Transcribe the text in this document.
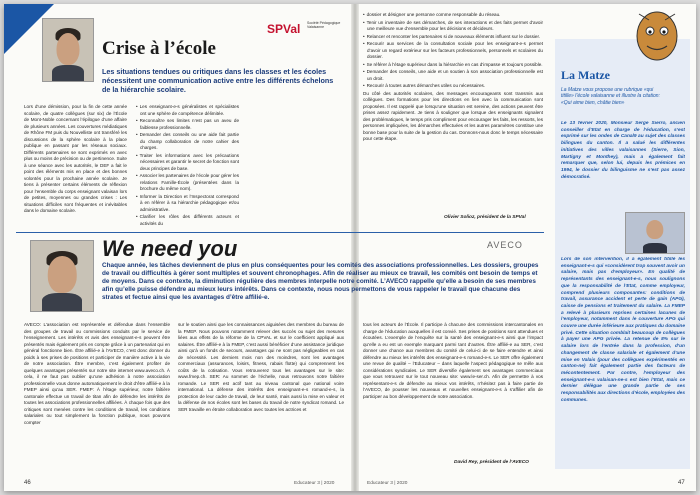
SPVal Société Pédagogique Valaisanne
Crise à l’école
Les situations tendues ou critiques dans les classes et les écoles nécessitent une communication active entre les différents échelons de la hiérarchie scolaire.

Lors d’une démission, pour la fin de cette année scolaire, de quatre collègues (sur six) de l’École de Mont-Noble concernant l’épilogue d’une affaire de plusieurs années. Les couvertures médiatiques de Rhône FM puis du Nouvelliste ont transféré les discussions de la sphère scolaire à la place publique en passant par les réseaux sociaux. Différents partenaires se sont exprimés en avec plus ou moins de précision ou de pertinence. Suite à une séance avec les autorités, le DEF a fait le point des éléments mis en place et des bonnes volontés pour la prochaine année scolaire. Je tiens à présenter certains éléments de réflexion pour l’ensemble du corps enseignant valaisan lors de petites, moyennes ou grandes crises : Les situations difficiles sont fréquentes et inévitables dans le domaine scolaire.

• Les enseignant-e-s généralistes et spécialistes ont une sphère de compétence délimitée.
• Reconnaître ses limites n’est pas un aveu de faiblesse professionnelle.
• Demander des conseils ou une aide fait partie du champ collaboration de notre cahier des charges.
• Traiter les informations avec les précautions nécessaires et garantir le secret de fonction sont deux principes de base.
• Associer les partenaires de l’école pour gérer les relations Famille-École (présentées dans la brochure du même nom).
• Informer la Direction et l’Inspectorat correspond à en référer à sa hiérarchie pédagogique et/ou administrative.
• Clarifier les rôles des différents acteurs et activités du
• dossier et désigner une personne comme responsable du réseau.
• Tenir un inventaire de ses démarches, de ses interactions et des faits permet d’avoir une meilleure vue d’ensemble pour les décisions et décideurs.
• Relancer et renconter les partenaires si de nouveaux éléments influent sur le dossier.
• Recourir aux services de la consultation sociale pour les enseignant-e-s permet d’avoir un regard extérieur sur les facteurs professionnels, personnels et scolaires du dossier.
• Se référer à l’étage supérieur dans la hiérarchie en cas d’impasse et toujours possible.
• Demander des conseils, une aide et un soutien à son association professionnelle est un droit.
• Recourir à toutes autres démarches utiles ou nécessaires.

Du côté des autorités scolaires, des messages encourageants sont transmis aux collègues. Des formations pour les directions en lien avec la communication sont proposées. Il est rappelé que lorsqu’une situation est sereine, des actions peuvent être prises assez rapidement. Je tiens à souligner que lorsque des enseignants signalent des problématiques, le temps pris compliment pour encourager les faits, les ressorts, les personnes impliquées, les démarches effectuées et les autres paramètres constitue une bonne base pour la suite de la gestion du cas. Donnons-nous donc le temps nécessaire pour cette étape.

Olivier Solioz, président de la SPVal
We need you	AVECO
Chaque année, les tâches deviennent de plus en plus conséquentes pour les comités des associations professionnelles. Les dossiers, groupes de travail ou difficultés à gérer sont multiples et souvent chronophages. Afin de réaliser au mieux ce travail, les comités ont besoin de temps et de moyens. Dans ce contexte, la diminution régulière des membres interpelle notre comité. L’AVECO rappelle qu’elle a besoin de ses membres afin qu’elle puisse défendre au mieux leurs intérêts. Dans ce contexte, nous nous permettons de vous rappeler le travail que chacune des strates et fectue ainsi que les avantages d’être affilié-e.

AVECO: L’association est représentée et défendue dans l’ensemble des groupes de travail ou commissions conduits par le service de l’enseignement. Les intérêts et avis des enseignant-e-s peuvent être présentés mais également pris en compte grâce à un partenariat qui en général fonctionne bien. Être affilié-e à l’AVECO, c’est donc donner du poids à ses prises de positions et participer de manière active à la vie de notre association. Être membre, c’est également profiter de quelques avantages présentés sur notre site internet www.aveco.ch. À cela, il ne faut pas oublier qu’une adhésion à notre association professionnelle vous donne automatiquement le droit d’être affilié-e à la FMEP ainsi qu’au SER. FMEP: À l’étage supérieur, notre faîtière cantonale effectue un travail de titan afin de défendre les intérêts de toutes les associations professionnelles affiliées. À chaque fois que des critiques sont menées contre les conditions de travail, les conditions salariales ou tout simplement la fonction publique, nous pouvons compter

sur le soutien ainsi que les connaissances aiguisées des membres du bureau de la FMEP. Nous pouvons notamment relever des succès ou sujet des mesures liées aux effets de la réforme de la CPVAL et sur le coefficient appliqué aux salaires. Être affilié-e à la FMEP, c’est aussi bénéficier d’une assistance juridique ainsi qu’à un fonds de secours, avantages qui ne sont pas négligeables en cas de nécessité. Les derniers mois non des moindres, sont les avantages commerciaux (assurances, loisirs, fitness, rabais flotte) qui comprennent les coûts de la cotisation. Vous retrouverez tous les avantages sur le site: www.fmep.ch. SER: Au sommet de l’échelle, nous retrouvons notre faîtière romande. Le SER est actif tant au niveau cantonal que national voire international. La défense des intérêts des enseignant-e-s romand-e-s, la protection de leur cadre de travail, de leur santé, mais aussi la mise en valeur et la défense de nos écoles sont les bases du travail de notre syndicat romand. Le SER travaille en étroite collaboration avec toutes les actrices et

tous les acteurs de l’École. Il participe à chacune des commissions intercantonales en charge de l’éducation auxquelles il est convié. Ses prises de positions sont attendues et écoutées. L’exemple de l’enquête sur la santé des enseignant-e-s ainsi que l’impact qu’elle a eu est un exemple marquant parmi tant d’autres. Être affilié-e au SER, c’est donner une chance aux membres du comité de celui-ci de se faire entendre et ainsi défendre au mieux les intérêts des enseignant-e-s romand-e-s. Le SER offre également une revue de qualité – l’Educateur – dans laquelle l’aspect pédagogique se mêle aux considérations syndicales. Le SER diversifie également ses avantages commerciaux que vous retrouvez sur le tout nouveau site: www.le-ser.ch. Afin de permettre à vos représentant-e-s de défendre au mieux vos intérêts, n’hésitez pas à faire partie de l’AVECO, de pousser les nouveaux et nouvelles enseignant-e-s à s’affilier afin de participer au bon développement de notre association.

David Rey, président de l’AVECO
La Matze
La Matze vous propose une rubrique «qui titille» l’école valaisanne et illustre la citation: «Qui aime bien, châtie bien»
Le 13 février 2020, Monsieur Serge Sierro, ancien conseiller d’Etat en charge de l’éducation, s’est exprimé sur les ondes de Canal9 au sujet des classes bilingues du canton. Il a salué les différentes initiatives des villes valaisannes (Sierre, Sion, Martigny et Monthey), mais a également fait remarquer que, selon lui, depuis les prémices en 1994, le dossier du bilinguisme ne s’est pas assez démocratisé.
Lors de son intervention, il a également titillé les enseignant-e-s qui «considèrent trop souvent avoir un salaire, mais pas d’employeur». En qualité de représentants des enseignant-e-s, nous soulignons que la responsabilité de l’Etat, comme employeur, comprend plusieurs composantes: conditions de travail, assurance accident et perte de gain (APG), caisse de pensions et traitement du salaire. La FMEP a relevé à plusieurs reprises certaines lacunes de l’employeur, notamment dans le couverture APG qui couvre une durée inférieure aux pratiques du domaine privé. Cette situation comblait beaucoup de collègues à payer une APG privée. La retenue de 8% sur le salaire lors de l’entrée dans la profession, d’un changement de classe salariale et également d’une mise en Valais (pour des collègues expérimentés en canton-ne) fait également partie des facteurs de mécontentement. Par contre, l’employeur des enseignant-e-s valaisan-ne-s est bien l’Etat, mais ce dernier délègue une grande partie de ses responsabilités aux directions d’école, employées des communes.
46	Educateur 3 | 2020	Educateur 3 | 2020	47
